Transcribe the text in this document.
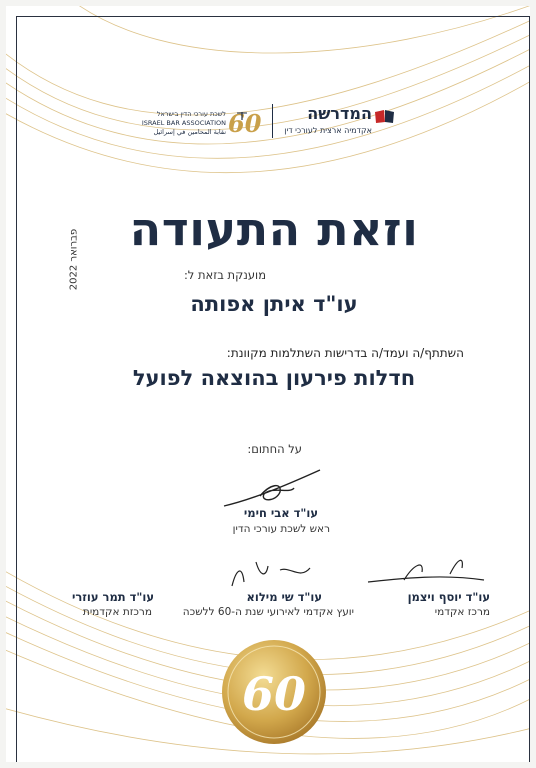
המדרשה
אקדמיה ארצית לעורכי דין
60
לשכת עורכי הדין בישראל
ISRAEL BAR ASSOCIATION
نقابة المحامين في إسرائيل
פברואר 2022	וזאת התעודה
מוענקת בזאת ל:
עו"ד איתן אפותה
השתתף/ה ועמד/ה בדרישות השתלמות מקוונת:
חדלות פירעון בהוצאה לפועל
על החתום:
עו"ד אבי חימי
ראש לשכת עורכי הדין
עו"ד יוסף ויצמן
מרכז אקדמי
עו"ד שי מילוא
יועץ אקדמי לאירועי שנת ה-60 ללשכה
עו"ד תמר עוזרי
מרכזת אקדמית
60
